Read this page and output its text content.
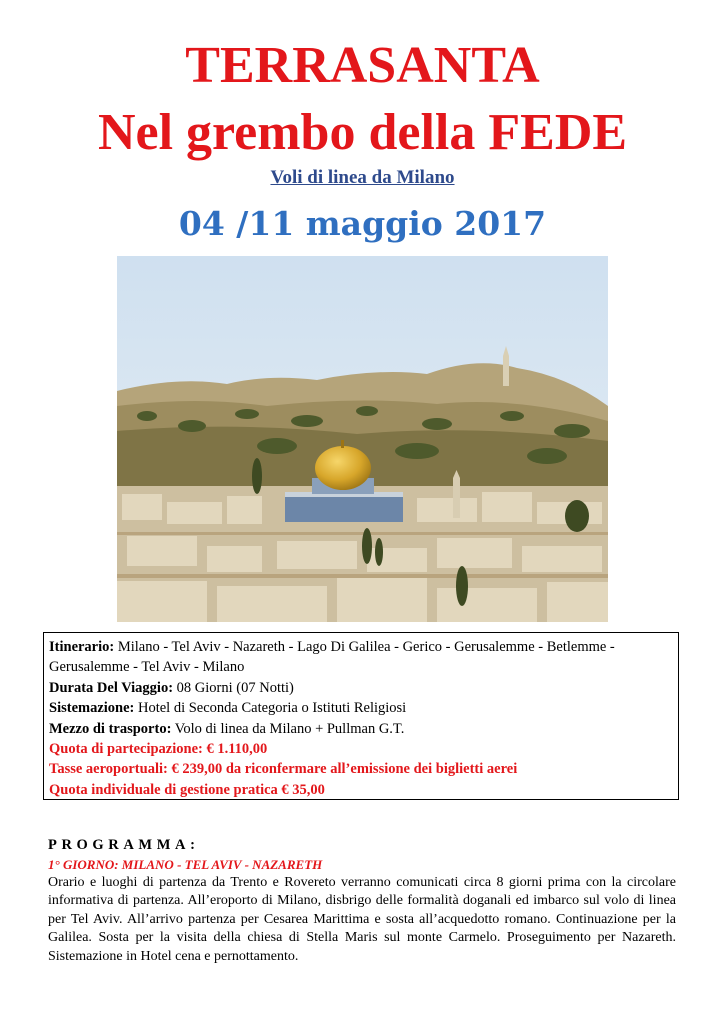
TERRASANTA
Nel grembo della FEDE
Voli di linea da Milano
04 /11 maggio 2017

Itinerario: Milano - Tel Aviv - Nazareth - Lago Di Galilea - Gerico - Gerusalemme - Betlemme - Gerusalemme - Tel Aviv - Milano

Durata Del Viaggio: 08 Giorni (07 Notti)

Sistemazione: Hotel di Seconda Categoria o Istituti Religiosi

Mezzo di trasporto: Volo di linea da Milano + Pullman G.T.

Quota di partecipazione: € 1.110,00

Tasse aeroportuali: € 239,00 da riconfermare all’emissione dei biglietti aerei

Quota individuale di gestione pratica € 35,00

PROGRAMMA:
1° GIORNO: MILANO - TEL AVIV - NAZARETH

Orario e luoghi di partenza da Trento e Rovereto verranno comunicati circa 8 giorni prima con la circolare informativa di partenza. All’eroporto di Milano, disbrigo delle formalità doganali ed imbarco sul volo di linea per Tel Aviv. All’arrivo partenza per Cesarea Marittima e sosta all’acquedotto romano. Continuazione per la Galilea. Sosta per la visita della chiesa di Stella Maris sul monte Carmelo. Proseguimento per Nazareth. Sistemazione in Hotel cena e pernottamento.
